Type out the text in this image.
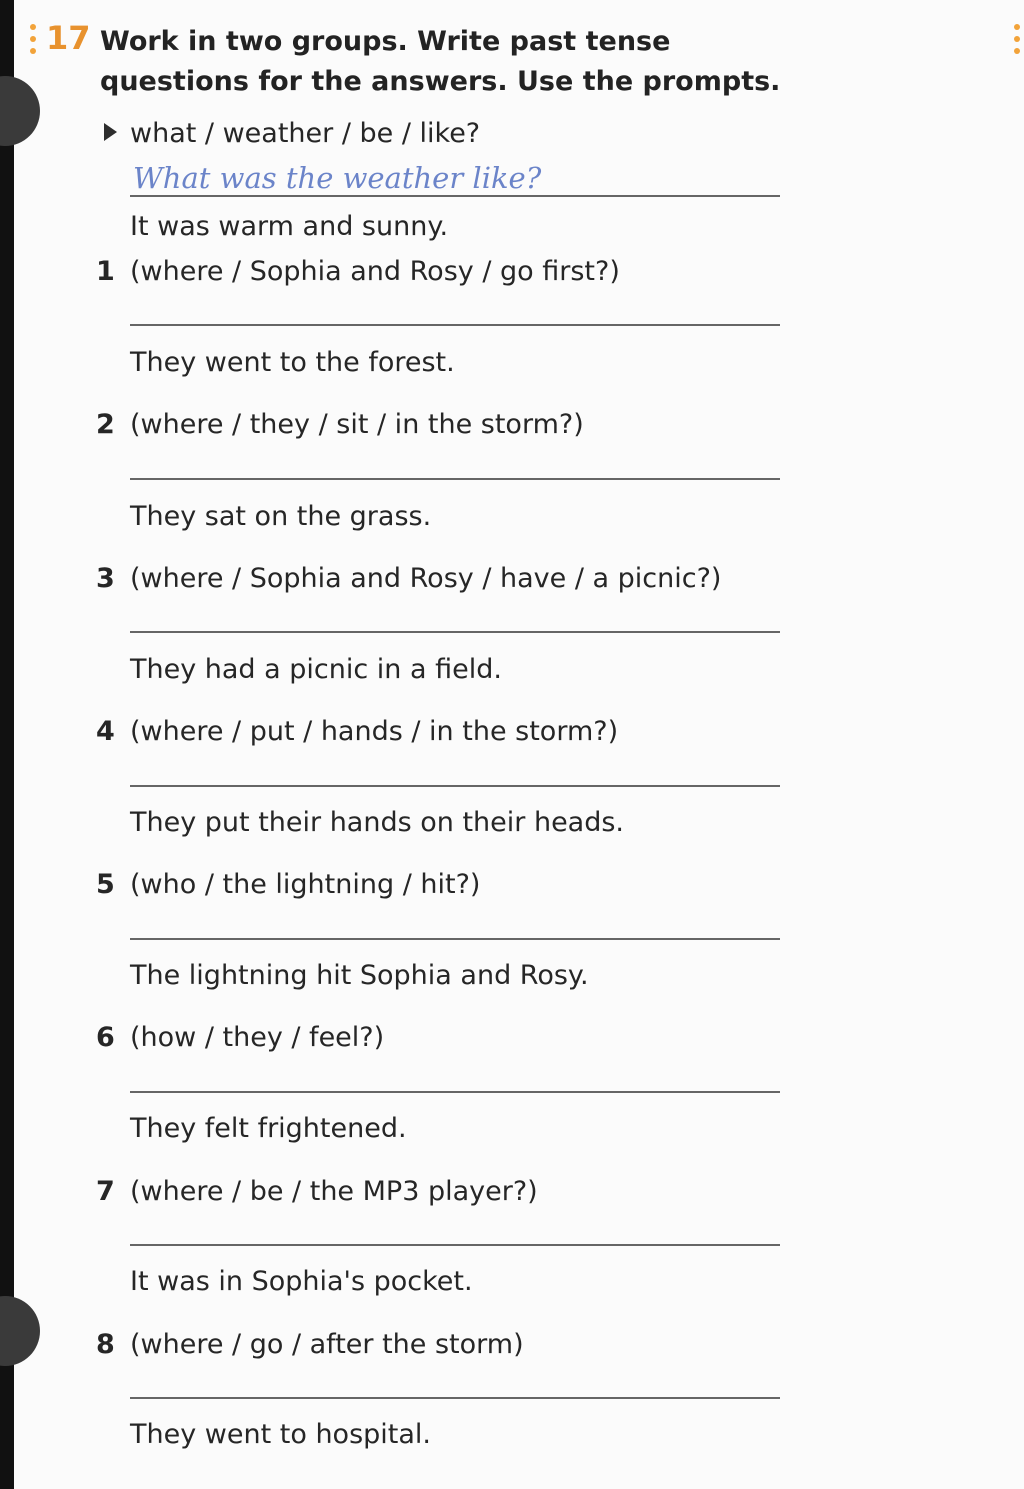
17 Work in two groups. Write past tense questions for the answers. Use the prompts.
what / weather / be / like?
What was the weather like?
It was warm and sunny.
1 (where / Sophia and Rosy / go first?)
They went to the forest.
2 (where / they / sit / in the storm?)
They sat on the grass.
3 (where / Sophia and Rosy / have / a picnic?)
They had a picnic in a field.
4 (where / put / hands / in the storm?)
They put their hands on their heads.
5 (who / the lightning / hit?)
The lightning hit Sophia and Rosy.
6 (how / they / feel?)
They felt frightened.
7 (where / be / the MP3 player?)
It was in Sophia's pocket.
8 (where / go / after the storm)
They went to hospital.
